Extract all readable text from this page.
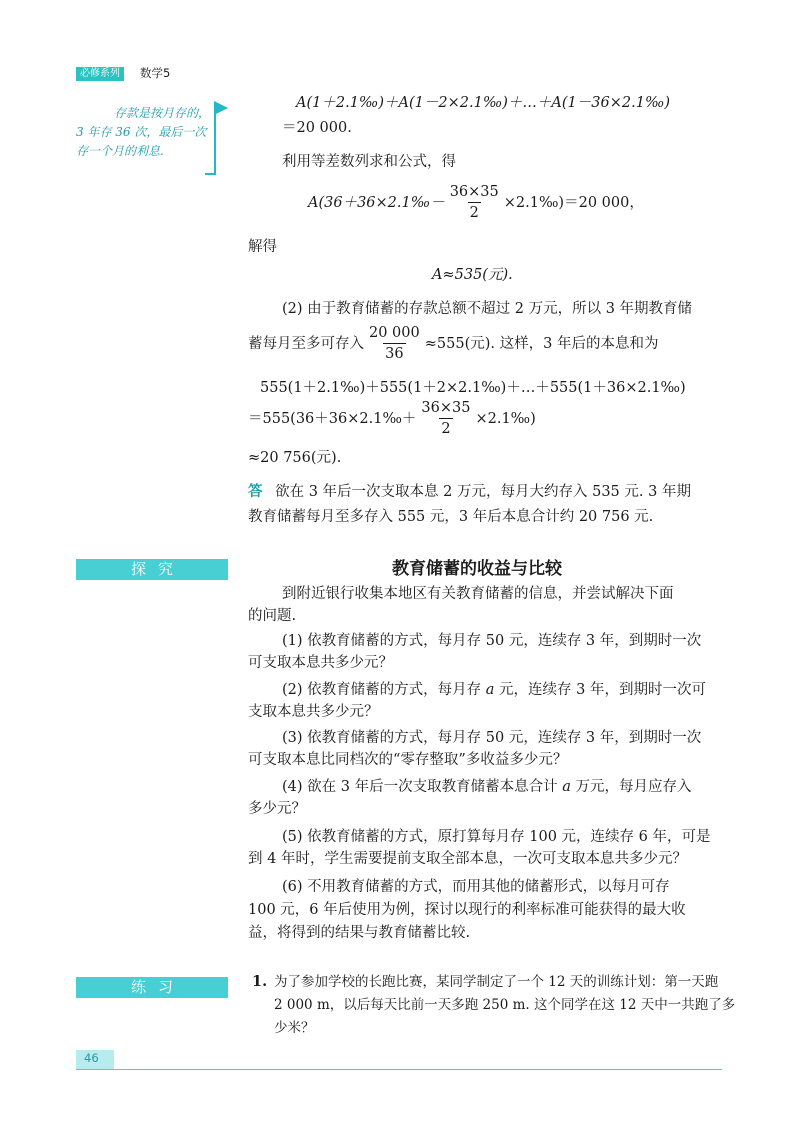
必修系列	数学5
存款是按月存的，
3 年存 36 次，最后一次
存一个月的利息.
A(1＋2.1‰)＋A(1－2×2.1‰)＋…＋A(1－36×2.1‰)
＝20 000.
利用等差数列求和公式，得
A(36＋36×2.1‰－ $\frac{36\times 35}{2}$ ×2.1‰)＝20 000，
解得
A≈535(元).
(2) 由于教育储蓄的存款总额不超过 2 万元，所以 3 年期教育储
蓄每月至多可存入 $\frac{20 000}{36} \approx 555$(元). 这样，3 年后的本息和为
555(1＋2.1‰)＋555(1＋2×2.1‰)＋…＋555(1＋36×2.1‰)
＝555(36＋36×2.1‰＋ $\frac{36\times 35}{2}$ ×2.1‰)
≈20 756(元).
答 欲在 3 年后一次支取本息 2 万元，每月大约存入 535 元. 3 年期
教育储蓄每月至多存入 555 元，3 年后本息合计约 20 756 元.
探究	教育储蓄的收益与比较
到附近银行收集本地区有关教育储蓄的信息，并尝试解决下面
的问题.
(1) 依教育储蓄的方式，每月存 50 元，连续存 3 年，到期时一次
可支取本息共多少元？
(2) 依教育储蓄的方式，每月存 a 元，连续存 3 年，到期时一次可
支取本息共多少元？
(3) 依教育储蓄的方式，每月存 50 元，连续存 3 年，到期时一次
可支取本息比同档次的“零存整取”多收益多少元？
(4) 欲在 3 年后一次支取教育储蓄本息合计 a 万元，每月应存入
多少元？
(5) 依教育储蓄的方式，原打算每月存 100 元，连续存 6 年，可是
到 4 年时，学生需要提前支取全部本息，一次可支取本息共多少元？
(6) 不用教育储蓄的方式，而用其他的储蓄形式，以每月可存
100 元，6 年后使用为例，探讨以现行的利率标准可能获得的最大收
益，将得到的结果与教育储蓄比较.
练习	1. 为了参加学校的长跑比赛，某同学制定了一个 12 天的训练计划：第一天跑
2 000 m，以后每天比前一天多跑 250 m. 这个同学在这 12 天中一共跑了多
少米？
46
